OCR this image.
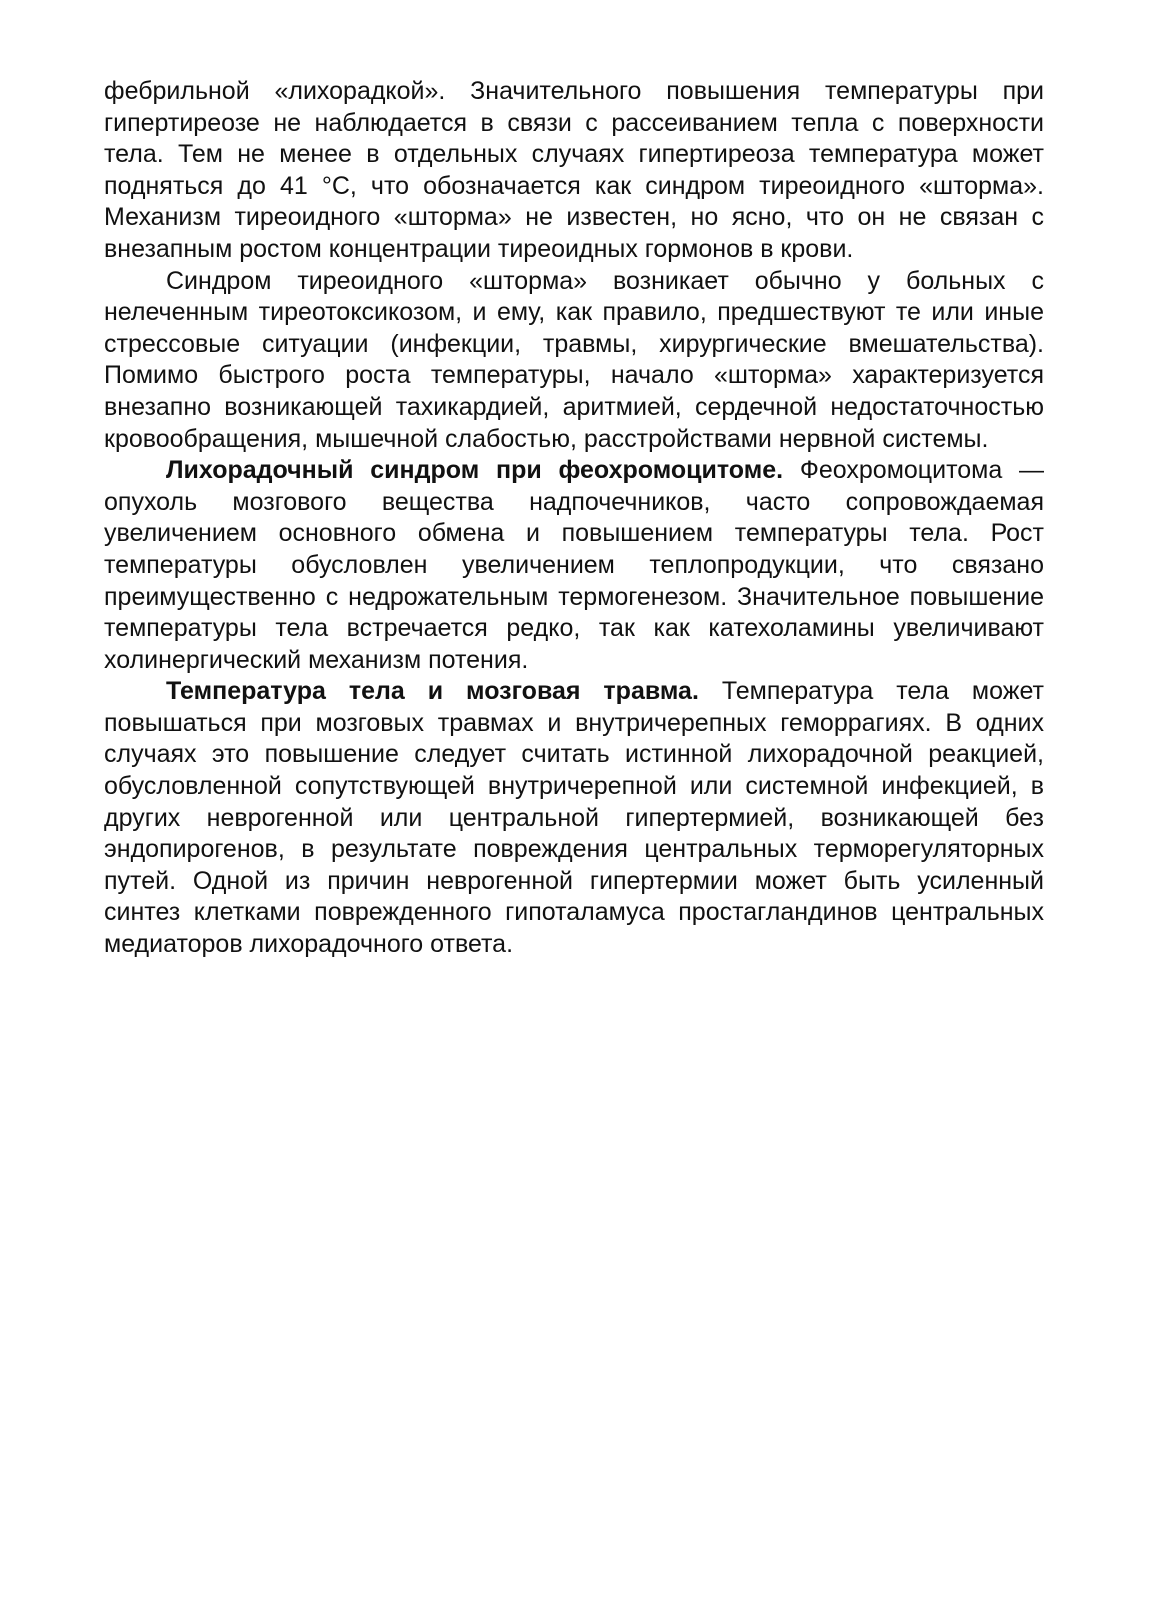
фебрильной «лихорадкой». Значительного повышения температуры при гипертиреозе не наблюдается в связи с рассеиванием тепла с поверхности тела. Тем не менее в отдельных случаях гипертиреоза температура может подняться до 41 °С, что обозначается как синдром тиреоидного «шторма». Механизм тиреоидного «шторма» не известен, но ясно, что он не связан с внезапным ростом концентрации тиреоидных гормонов в крови.

Синдром тиреоидного «шторма» возникает обычно у больных с нелеченным тиреотоксикозом, и ему, как правило, предшествуют те или иные стрессовые ситуации (инфекции, травмы, хирургические вмешательства). Помимо быстрого роста температуры, начало «шторма» характеризуется внезапно возникающей тахикардией, аритмией, сердечной недостаточностью кровообращения, мышечной слабостью, расстройствами нервной системы.

Лихорадочный синдром при феохромоцитоме. Феохромоцитома — опухоль мозгового вещества надпочечников, часто сопровождаемая увеличением основного обмена и повышением температуры тела. Рост температуры обусловлен увеличением теплопродукции, что связано преимущественно с недрожательным термогенезом. Значительное повышение температуры тела встречается редко, так как катехоламины увеличивают холинергический механизм потения.

Температура тела и мозговая травма. Температура тела может повышаться при мозговых травмах и внутричерепных геморрагиях. В одних случаях это повышение следует считать истинной лихорадочной реакцией, обусловленной сопутствующей внутричерепной или системной инфекцией, в других неврогенной или центральной гипертермией, возникающей без эндопирогенов, в результате повреждения центральных терморегуляторных путей. Одной из причин неврогенной гипертермии может быть усиленный синтез клетками поврежденного гипоталамуса простагландинов центральных медиаторов лихорадочного ответа.
